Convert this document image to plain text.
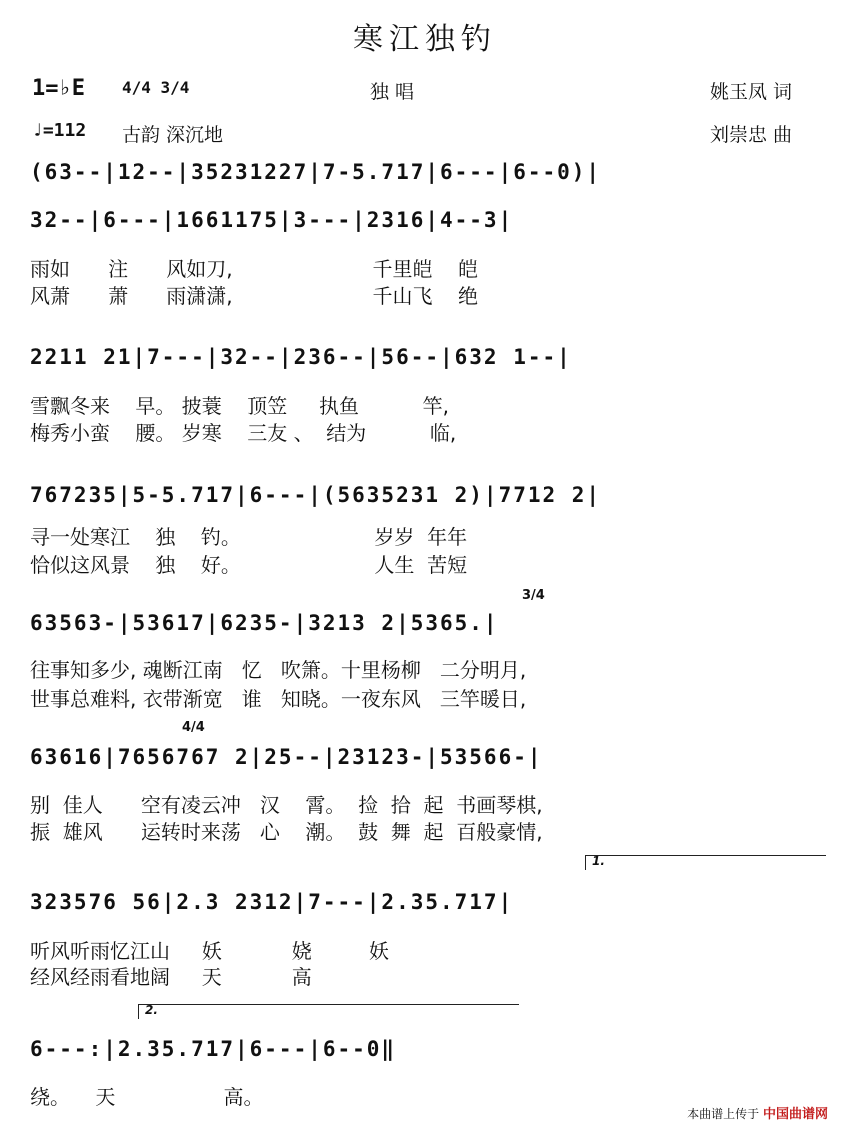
寒江独钓
1=♭E 4/4 3/4	独 唱	姚玉凤 词
♩=112 古韵 深沉地	刘崇忠 曲
(63--|12--|35231227|7-5.717|6---|6--0)|
32--|6---|1661175|3---|2316|4--3|
雨如      注      风如刀,                      千里皑    皑
风萧      萧      雨潇潇,                      千山飞    绝
2211 21|7---|32--|236--|56--|632 1--|
雪飘冬来    早。 披蓑    顶笠     执鱼          竿,
梅秀小蛮    腰。 岁寒    三友 、  结为          临,
767235|5-5.717|6---|(5635231 2)|7712 2|
寻一处寒江    独    钓。                     岁岁  年年
恰似这风景    独    好。                     人生  苦短
3/4
63563-|53617|6235-|3213 2|5365.|
往事知多少, 魂断江南   忆   吹箫。十里杨柳   二分明月,
世事总难料, 衣带渐宽   谁   知晓。一夜东风   三竿暖日,
4/4
63616|7656767 2|25--|23123-|53566-|
别  佳人      空有凌云冲   汉    霄。  捡  拾  起  书画琴棋,
振  雄风      运转时来荡   心    潮。  鼓  舞  起  百般豪情,
1.
323576 56|2.3 2312|7---|2.35.717|
听风听雨忆江山     妖           娆         妖
经风经雨看地阔     天           高
2.
6---:|2.35.717|6---|6--0‖
绕。    天                 高。
本曲谱上传于 中国曲谱网
